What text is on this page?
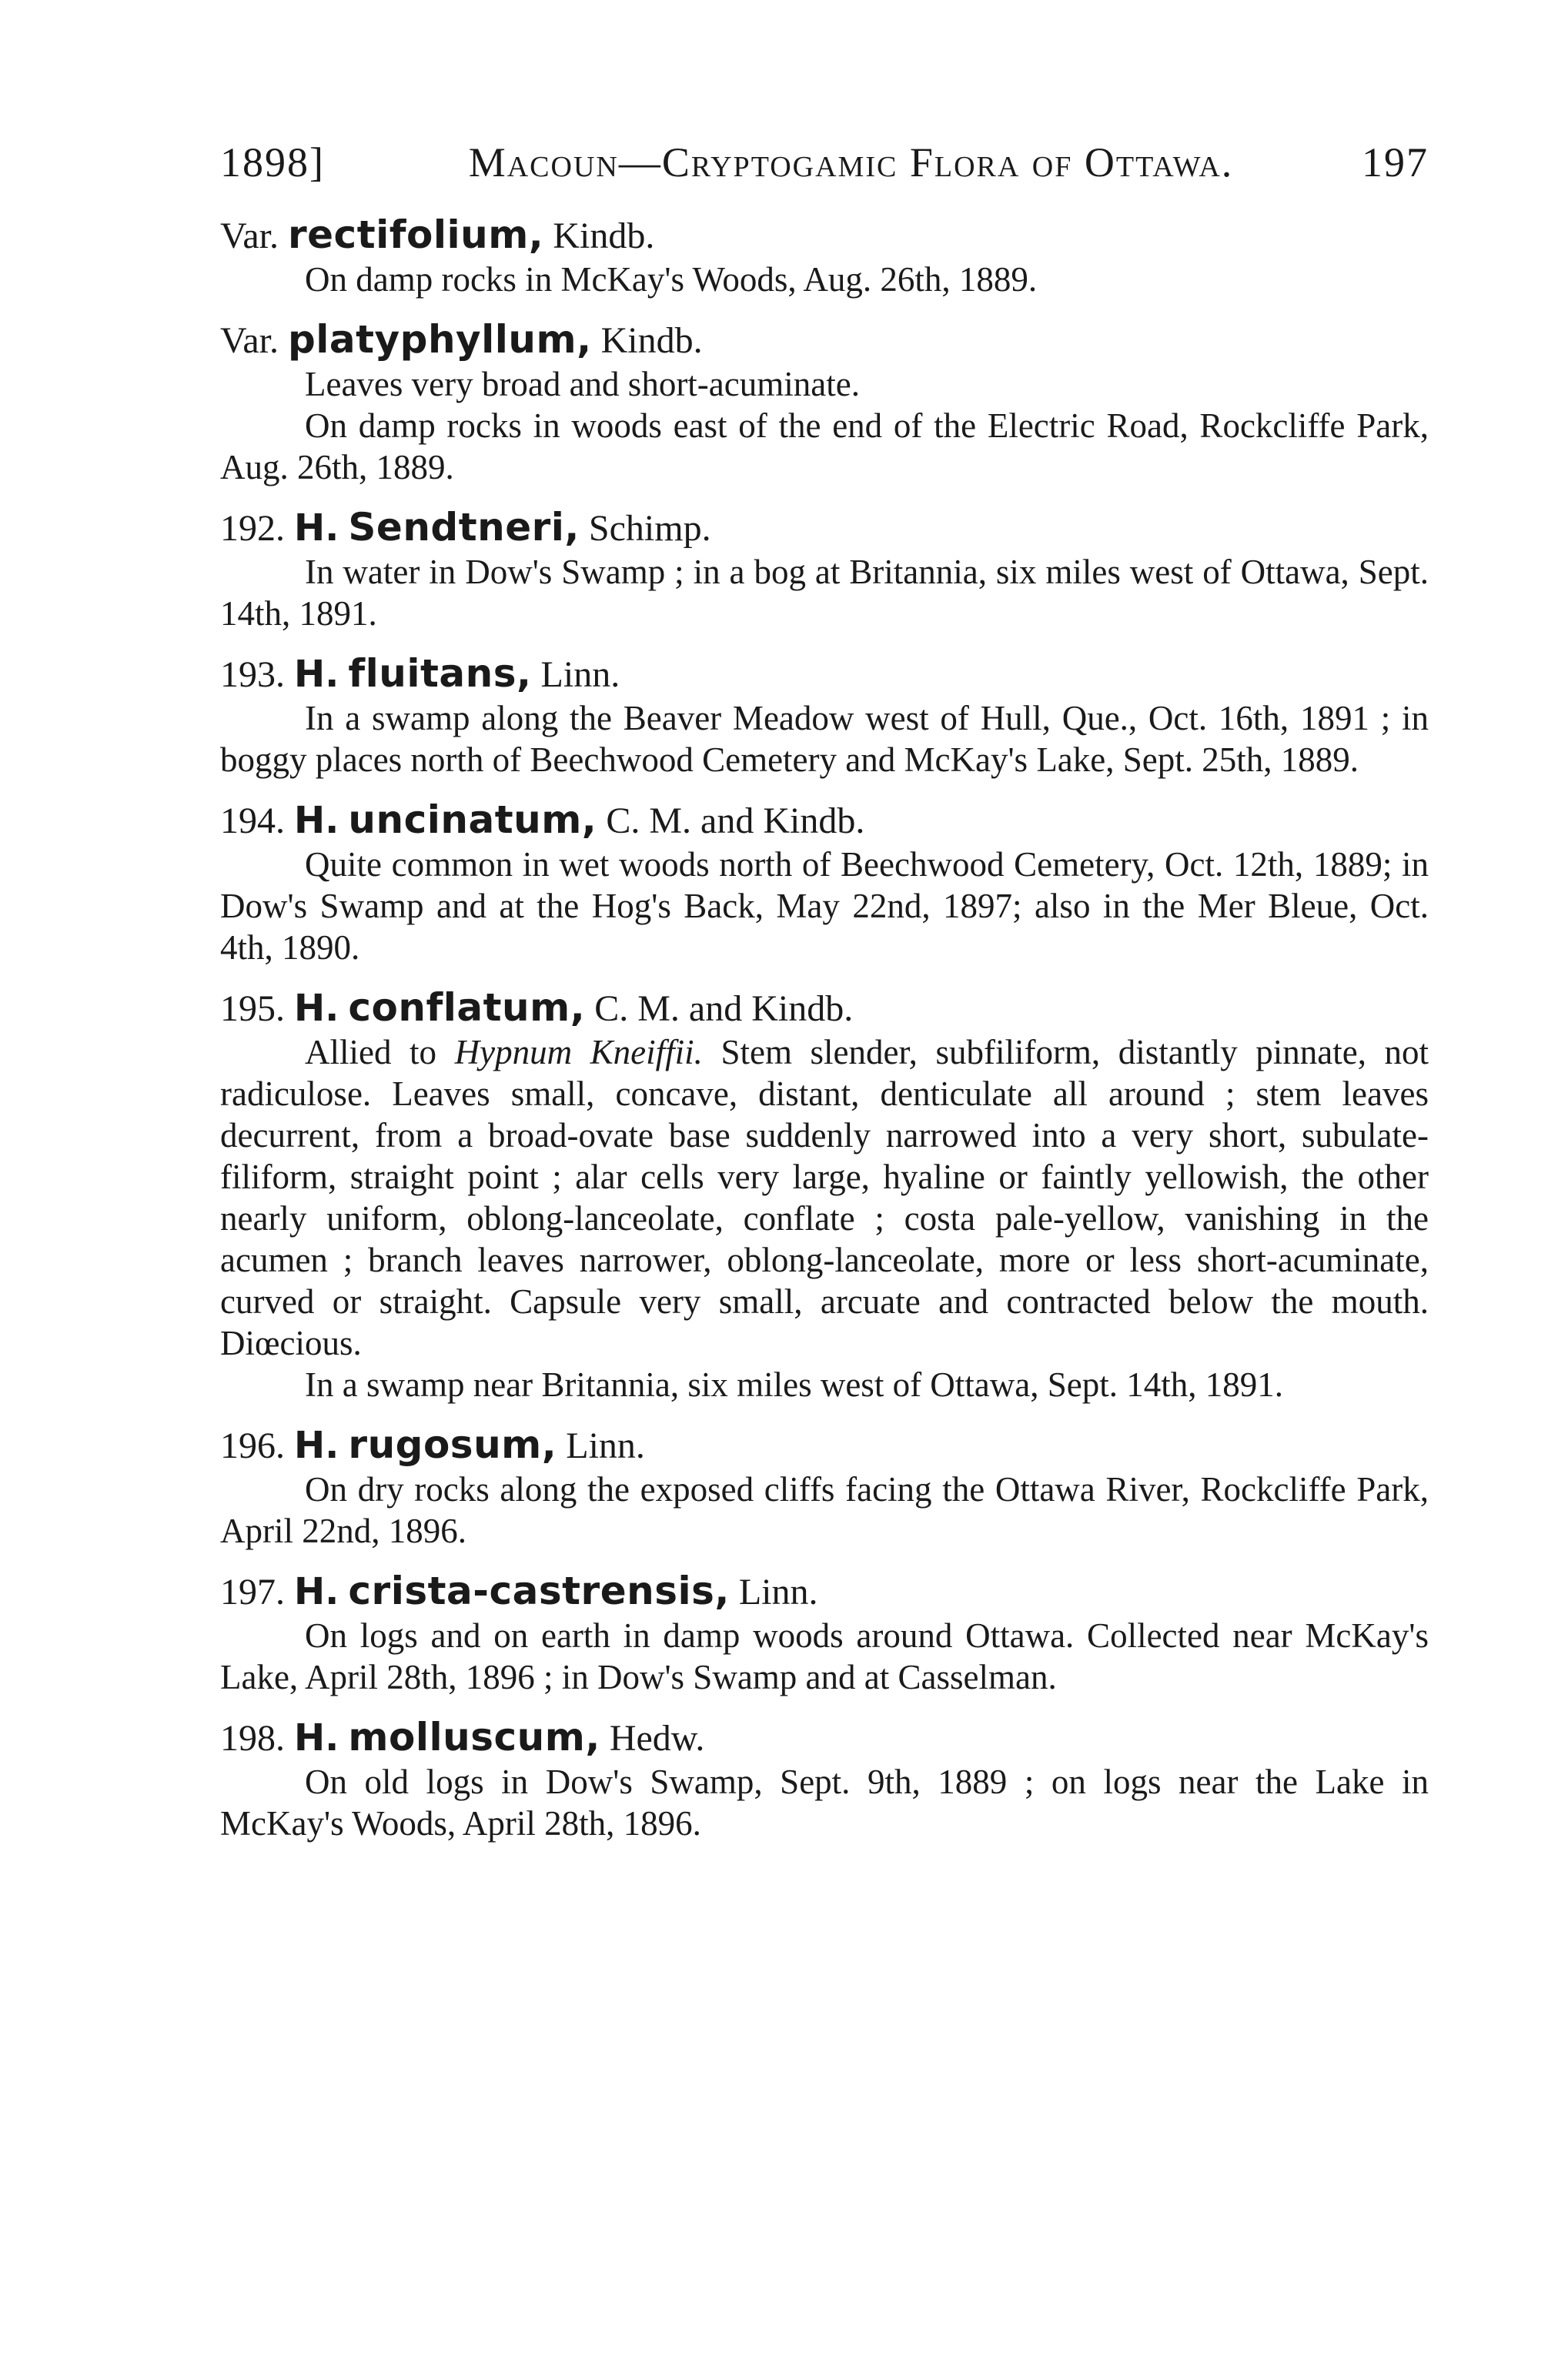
1898]	Macoun—Cryptogamic Flora of Ottawa.	197

Var. rectifolium, Kindb.

On damp rocks in McKay's Woods, Aug. 26th, 1889.

Var. platyphyllum, Kindb.

Leaves very broad and short-acuminate.

On damp rocks in woods east of the end of the Electric Road, Rockcliffe Park, Aug. 26th, 1889.

192. H. Sendtneri, Schimp.

In water in Dow's Swamp ; in a bog at Britannia, six miles west of Ottawa, Sept. 14th, 1891.

193. H. fluitans, Linn.

In a swamp along the Beaver Meadow west of Hull, Que., Oct. 16th, 1891 ; in boggy places north of Beechwood Cemetery and McKay's Lake, Sept. 25th, 1889.

194. H. uncinatum, C. M. and Kindb.

Quite common in wet woods north of Beechwood Cemetery, Oct. 12th, 1889; in Dow's Swamp and at the Hog's Back, May 22nd, 1897; also in the Mer Bleue, Oct. 4th, 1890.

195. H. conflatum, C. M. and Kindb.

Allied to Hypnum Kneiffii. Stem slender, subfiliform, distantly pinnate, not radiculose. Leaves small, concave, distant, denticulate all around ; stem leaves decurrent, from a broad-ovate base suddenly narrowed into a very short, subulate-filiform, straight point ; alar cells very large, hyaline or faintly yellowish, the other nearly uniform, oblong-lanceolate, conflate ; costa pale-yellow, vanishing in the acumen ; branch leaves narrower, oblong-lanceolate, more or less short-acuminate, curved or straight. Capsule very small, arcuate and contracted below the mouth. Diœcious.

In a swamp near Britannia, six miles west of Ottawa, Sept. 14th, 1891.

196. H. rugosum, Linn.

On dry rocks along the exposed cliffs facing the Ottawa River, Rockcliffe Park, April 22nd, 1896.

197. H. crista-castrensis, Linn.

On logs and on earth in damp woods around Ottawa. Collected near McKay's Lake, April 28th, 1896 ; in Dow's Swamp and at Casselman.

198. H. molluscum, Hedw.

On old logs in Dow's Swamp, Sept. 9th, 1889 ; on logs near the Lake in McKay's Woods, April 28th, 1896.
